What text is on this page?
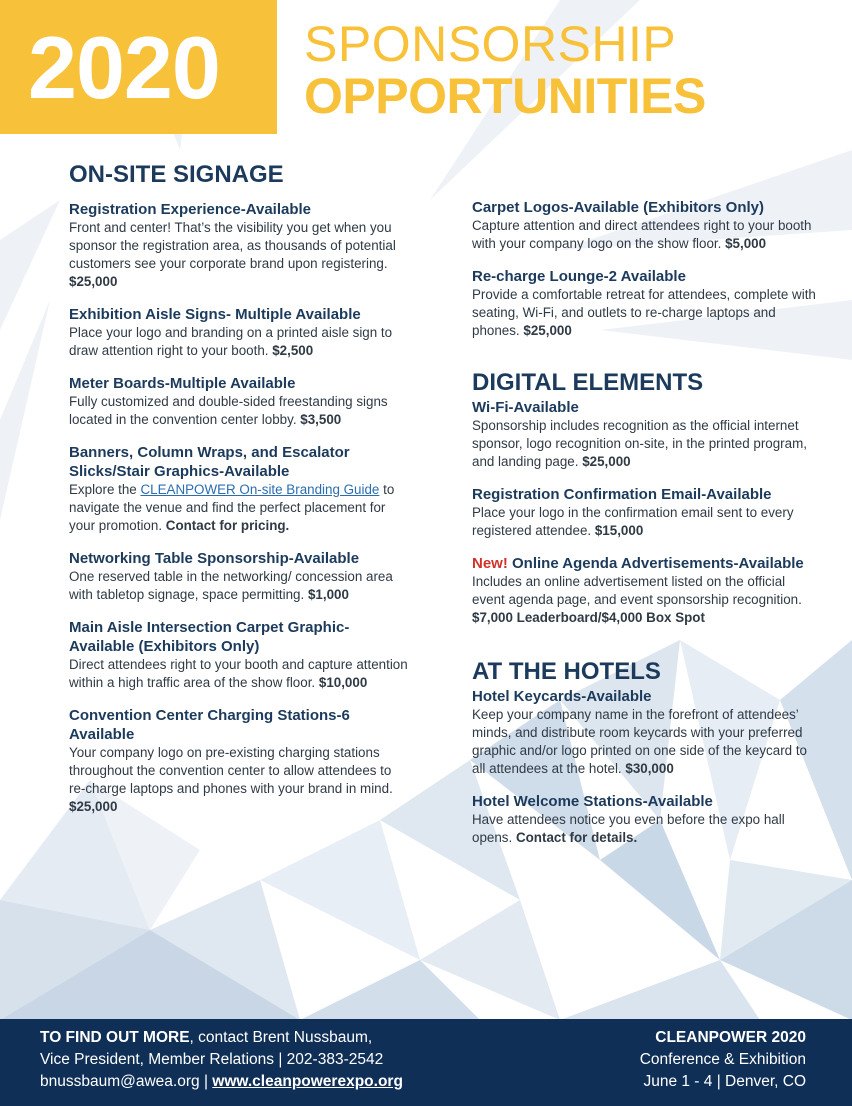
2020 SPONSORSHIP
OPPORTUNITIES
ON-SITE SIGNAGE
Registration Experience-Available
Front and center! That’s the visibility you get when you sponsor the registration area, as thousands of potential customers see your corporate brand upon registering. $25,000
Exhibition Aisle Signs- Multiple Available
Place your logo and branding on a printed aisle sign to draw attention right to your booth. $2,500
Meter Boards-Multiple Available
Fully customized and double-sided freestanding signs located in the convention center lobby. $3,500
Banners, Column Wraps, and Escalator Slicks/Stair Graphics-Available
Explore the CLEANPOWER On-site Branding Guide to navigate the venue and find the perfect placement for your promotion. Contact for pricing.
Networking Table Sponsorship-Available
One reserved table in the networking/ concession area with tabletop signage, space permitting. $1,000
Main Aisle Intersection Carpet Graphic-Available (Exhibitors Only)
Direct attendees right to your booth and capture attention within a high traffic area of the show floor. $10,000
Convention Center Charging Stations-6 Available
Your company logo on pre-existing charging stations throughout the convention center to allow attendees to re-charge laptops and phones with your brand in mind. $25,000
Carpet Logos-Available (Exhibitors Only)
Capture attention and direct attendees right to your booth with your company logo on the show floor. $5,000
Re-charge Lounge-2 Available
Provide a comfortable retreat for attendees, complete with seating, Wi-Fi, and outlets to re-charge laptops and phones. $25,000
DIGITAL ELEMENTS
Wi-Fi-Available
Sponsorship includes recognition as the official internet sponsor, logo recognition on-site, in the printed program, and landing page. $25,000
Registration Confirmation Email-Available
Place your logo in the confirmation email sent to every registered attendee. $15,000
New! Online Agenda Advertisements-Available
Includes an online advertisement listed on the official event agenda page, and event sponsorship recognition.
$7,000 Leaderboard/$4,000 Box Spot
AT THE HOTELS
Hotel Keycards-Available
Keep your company name in the forefront of attendees’ minds, and distribute room keycards with your preferred graphic and/or logo printed on one side of the keycard to all attendees at the hotel. $30,000
Hotel Welcome Stations-Available
Have attendees notice you even before the expo hall opens. Contact for details.
TO FIND OUT MORE, contact Brent Nussbaum,
Vice President, Member Relations | 202-383-2542
bnussbaum@awea.org | www.cleanpowerexpo.org
CLEANPOWER 2020
Conference & Exhibition
June 1 - 4 | Denver, CO
